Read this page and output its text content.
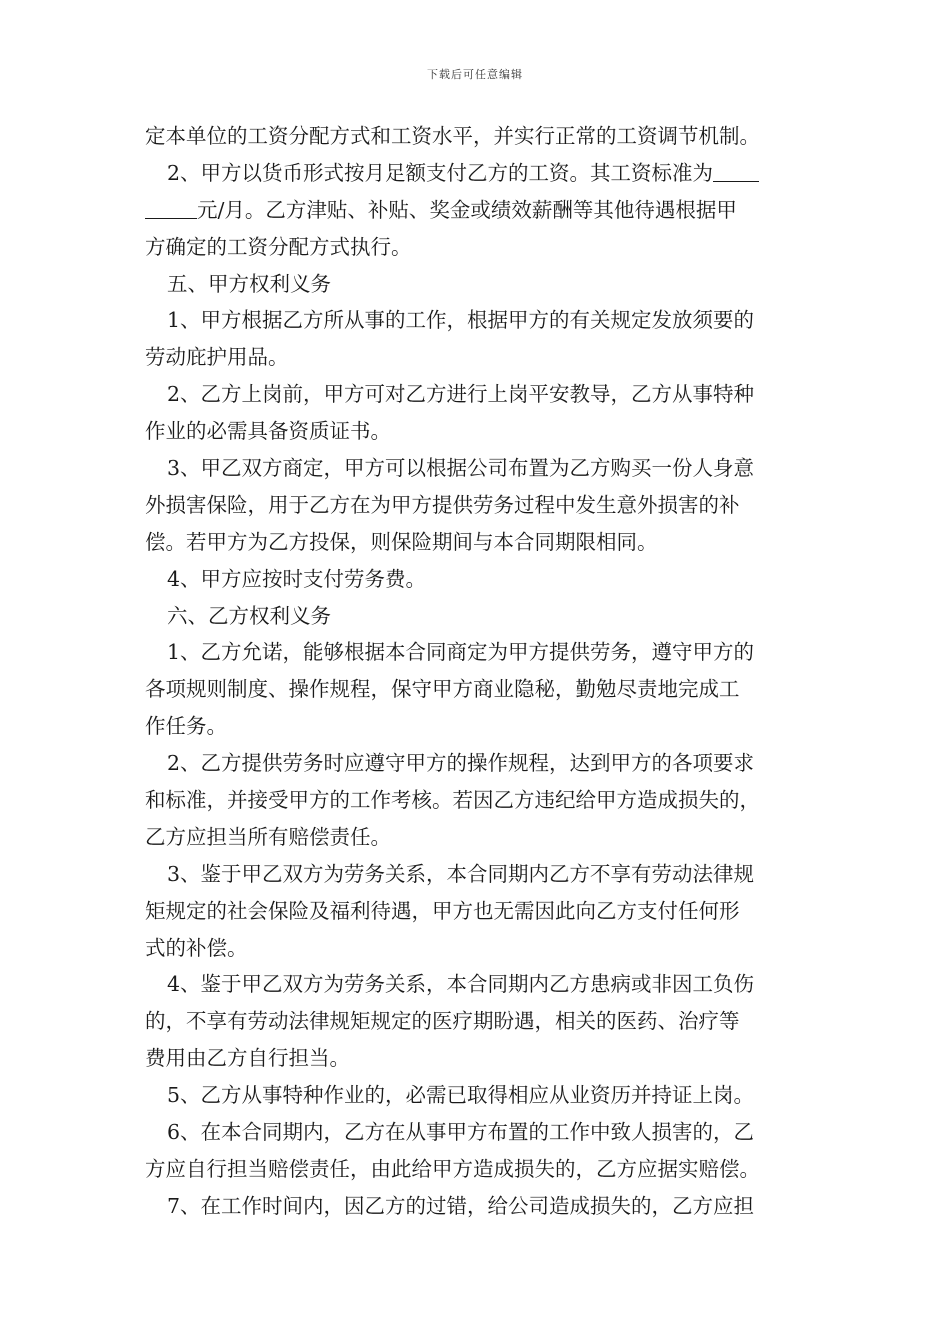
下载后可任意编辑
定本单位的工资分配方式和工资水平，并实行正常的工资调节机制。
2、甲方以货币形式按月足额支付乙方的工资。其工资标准为
元/月。乙方津贴、补贴、奖金或绩效薪酬等其他待遇根据甲
方确定的工资分配方式执行。
五、甲方权利义务
1、甲方根据乙方所从事的工作，根据甲方的有关规定发放须要的
劳动庇护用品。
2、乙方上岗前，甲方可对乙方进行上岗平安教导，乙方从事特种
作业的必需具备资质证书。
3、甲乙双方商定，甲方可以根据公司布置为乙方购买一份人身意
外损害保险，用于乙方在为甲方提供劳务过程中发生意外损害的补
偿。若甲方为乙方投保，则保险期间与本合同期限相同。
4、甲方应按时支付劳务费。
六、乙方权利义务
1、乙方允诺，能够根据本合同商定为甲方提供劳务，遵守甲方的
各项规则制度、操作规程，保守甲方商业隐秘，勤勉尽责地完成工
作任务。
2、乙方提供劳务时应遵守甲方的操作规程，达到甲方的各项要求
和标准，并接受甲方的工作考核。若因乙方违纪给甲方造成损失的，
乙方应担当所有赔偿责任。
3、鉴于甲乙双方为劳务关系，本合同期内乙方不享有劳动法律规
矩规定的社会保险及福利待遇，甲方也无需因此向乙方支付任何形
式的补偿。
4、鉴于甲乙双方为劳务关系，本合同期内乙方患病或非因工负伤
的，不享有劳动法律规矩规定的医疗期盼遇，相关的医药、治疗等
费用由乙方自行担当。
5、乙方从事特种作业的，必需已取得相应从业资历并持证上岗。
6、在本合同期内，乙方在从事甲方布置的工作中致人损害的，乙
方应自行担当赔偿责任，由此给甲方造成损失的，乙方应据实赔偿。
7、在工作时间内，因乙方的过错，给公司造成损失的，乙方应担
